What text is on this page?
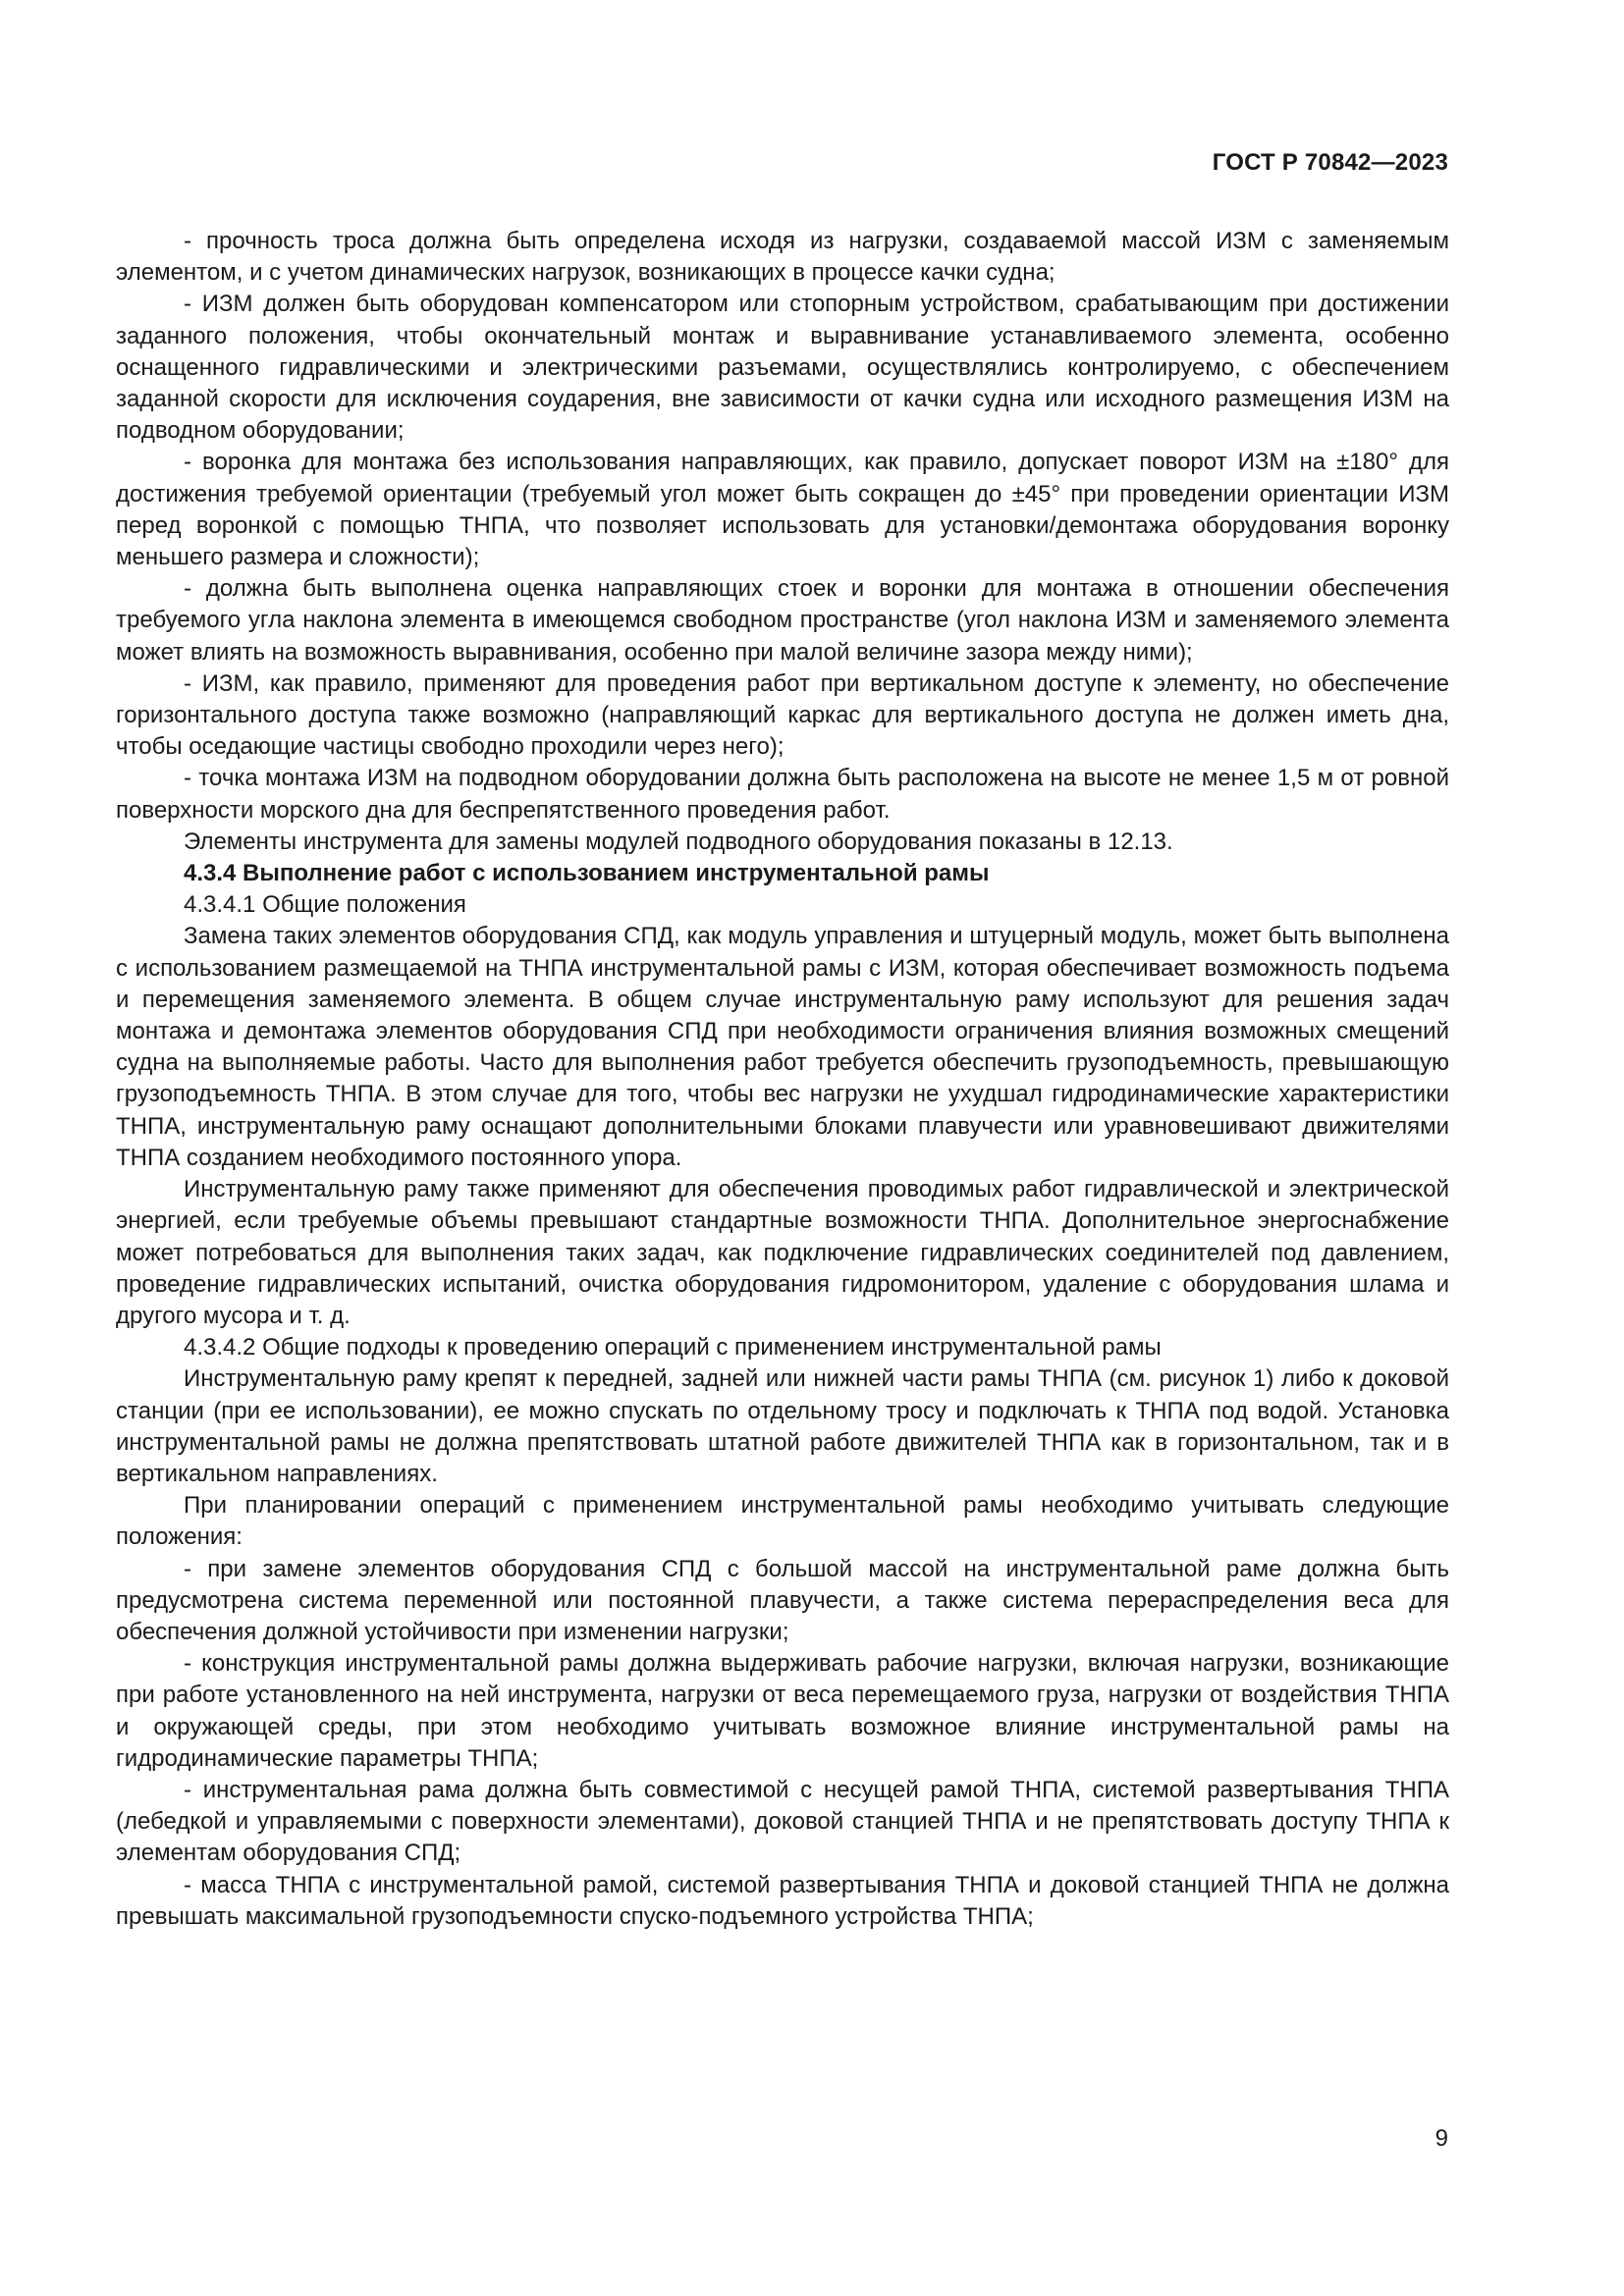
ГОСТ Р 70842—2023

- прочность троса должна быть определена исходя из нагрузки, создаваемой массой ИЗМ с заменяемым элементом, и с учетом динамических нагрузок, возникающих в процессе качки судна;

- ИЗМ должен быть оборудован компенсатором или стопорным устройством, срабатывающим при достижении заданного положения, чтобы окончательный монтаж и выравнивание устанавливаемого элемента, особенно оснащенного гидравлическими и электрическими разъемами, осуществлялись контролируемо, с обеспечением заданной скорости для исключения соударения, вне зависимости от качки судна или исходного размещения ИЗМ на подводном оборудовании;

- воронка для монтажа без использования направляющих, как правило, допускает поворот ИЗМ на ±180° для достижения требуемой ориентации (требуемый угол может быть сокращен до ±45° при проведении ориентации ИЗМ перед воронкой с помощью ТНПА, что позволяет использовать для установки/демонтажа оборудования воронку меньшего размера и сложности);

- должна быть выполнена оценка направляющих стоек и воронки для монтажа в отношении обеспечения требуемого угла наклона элемента в имеющемся свободном пространстве (угол наклона ИЗМ и заменяемого элемента может влиять на возможность выравнивания, особенно при малой величине зазора между ними);

- ИЗМ, как правило, применяют для проведения работ при вертикальном доступе к элементу, но обеспечение горизонтального доступа также возможно (направляющий каркас для вертикального доступа не должен иметь дна, чтобы оседающие частицы свободно проходили через него);

- точка монтажа ИЗМ на подводном оборудовании должна быть расположена на высоте не менее 1,5 м от ровной поверхности морского дна для беспрепятственного проведения работ.

Элементы инструмента для замены модулей подводного оборудования показаны в 12.13.

4.3.4 Выполнение работ с использованием инструментальной рамы

4.3.4.1 Общие положения

Замена таких элементов оборудования СПД, как модуль управления и штуцерный модуль, может быть выполнена с использованием размещаемой на ТНПА инструментальной рамы с ИЗМ, которая обеспечивает возможность подъема и перемещения заменяемого элемента. В общем случае инструментальную раму используют для решения задач монтажа и демонтажа элементов оборудования СПД при необходимости ограничения влияния возможных смещений судна на выполняемые работы. Часто для выполнения работ требуется обеспечить грузоподъемность, превышающую грузоподъемность ТНПА. В этом случае для того, чтобы вес нагрузки не ухудшал гидродинамические характеристики ТНПА, инструментальную раму оснащают дополнительными блоками плавучести или уравновешивают движителями ТНПА созданием необходимого постоянного упора.

Инструментальную раму также применяют для обеспечения проводимых работ гидравлической и электрической энергией, если требуемые объемы превышают стандартные возможности ТНПА. Дополнительное энергоснабжение может потребоваться для выполнения таких задач, как подключение гидравлических соединителей под давлением, проведение гидравлических испытаний, очистка оборудования гидромонитором, удаление с оборудования шлама и другого мусора и т. д.

4.3.4.2 Общие подходы к проведению операций с применением инструментальной рамы

Инструментальную раму крепят к передней, задней или нижней части рамы ТНПА (см. рисунок 1) либо к доковой станции (при ее использовании), ее можно спускать по отдельному тросу и подключать к ТНПА под водой. Установка инструментальной рамы не должна препятствовать штатной работе движителей ТНПА как в горизонтальном, так и в вертикальном направлениях.

При планировании операций с применением инструментальной рамы необходимо учитывать следующие положения:

- при замене элементов оборудования СПД с большой массой на инструментальной раме должна быть предусмотрена система переменной или постоянной плавучести, а также система перераспределения веса для обеспечения должной устойчивости при изменении нагрузки;

- конструкция инструментальной рамы должна выдерживать рабочие нагрузки, включая нагрузки, возникающие при работе установленного на ней инструмента, нагрузки от веса перемещаемого груза, нагрузки от воздействия ТНПА и окружающей среды, при этом необходимо учитывать возможное влияние инструментальной рамы на гидродинамические параметры ТНПА;

- инструментальная рама должна быть совместимой с несущей рамой ТНПА, системой развертывания ТНПА (лебедкой и управляемыми с поверхности элементами), доковой станцией ТНПА и не препятствовать доступу ТНПА к элементам оборудования СПД;

- масса ТНПА с инструментальной рамой, системой развертывания ТНПА и доковой станцией ТНПА не должна превышать максимальной грузоподъемности спуско-подъемного устройства ТНПА;

9
